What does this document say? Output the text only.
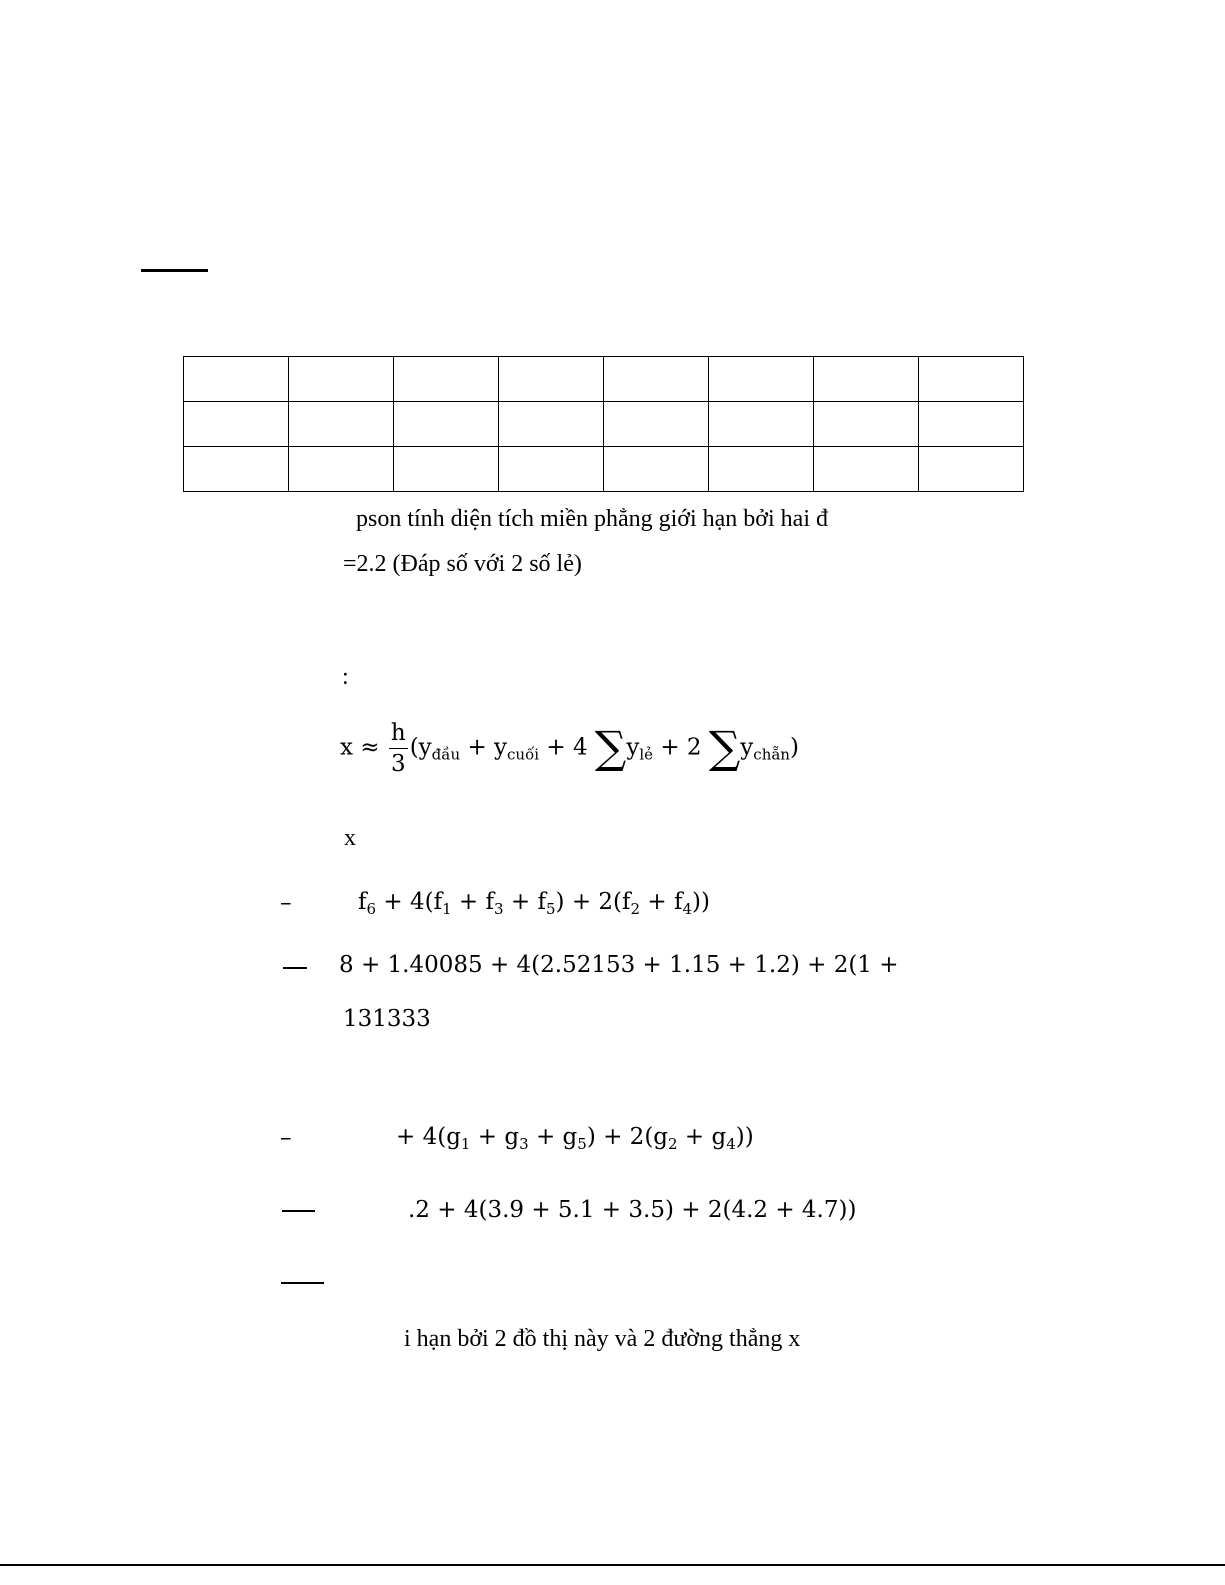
pson tính diện tích miền phẳng giới hạn bởi hai đ
=2.2 (Đáp số với 2 số lẻ)
:
$x \approx \frac{h}{3} (y_{đầu} + y_{cuối} + 4$ $\sum y_{lẻ} + 2$ $\sum y_{chẵn}$)
x
–	$f_6 + 4(f_1 + f_3 + f_5) + 2(f_2 + f_4)$)
8 + 1.40085 + 4(2.52153 + 1.15 + 1.2) + 2(1 +
131333
–	+ $4(g_1 + g_3 + g_5) + 2(g_2 + g_4)$)
.2 + 4(3.9 + 5.1 + 3.5) + 2(4.2 + 4.7))
i hạn bởi 2 đồ thị này và 2 đường thẳng x
